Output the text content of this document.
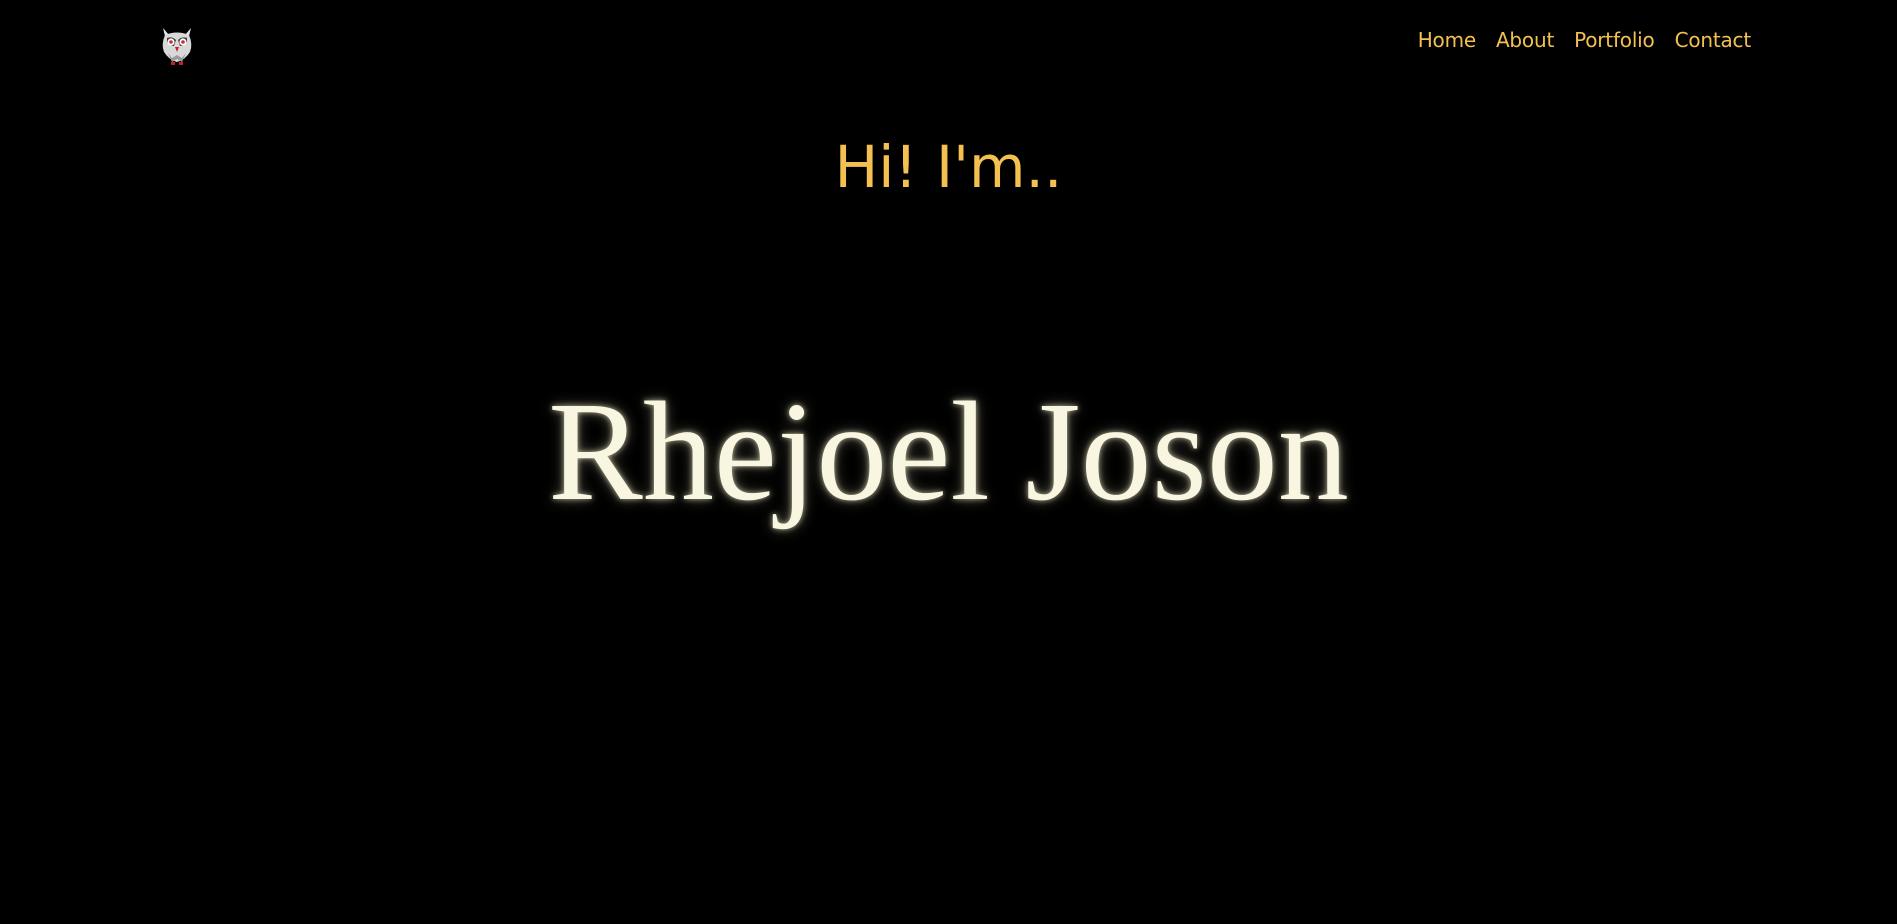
Home About Portfolio Contact
Hi! I'm..
Rhejoel Joson
